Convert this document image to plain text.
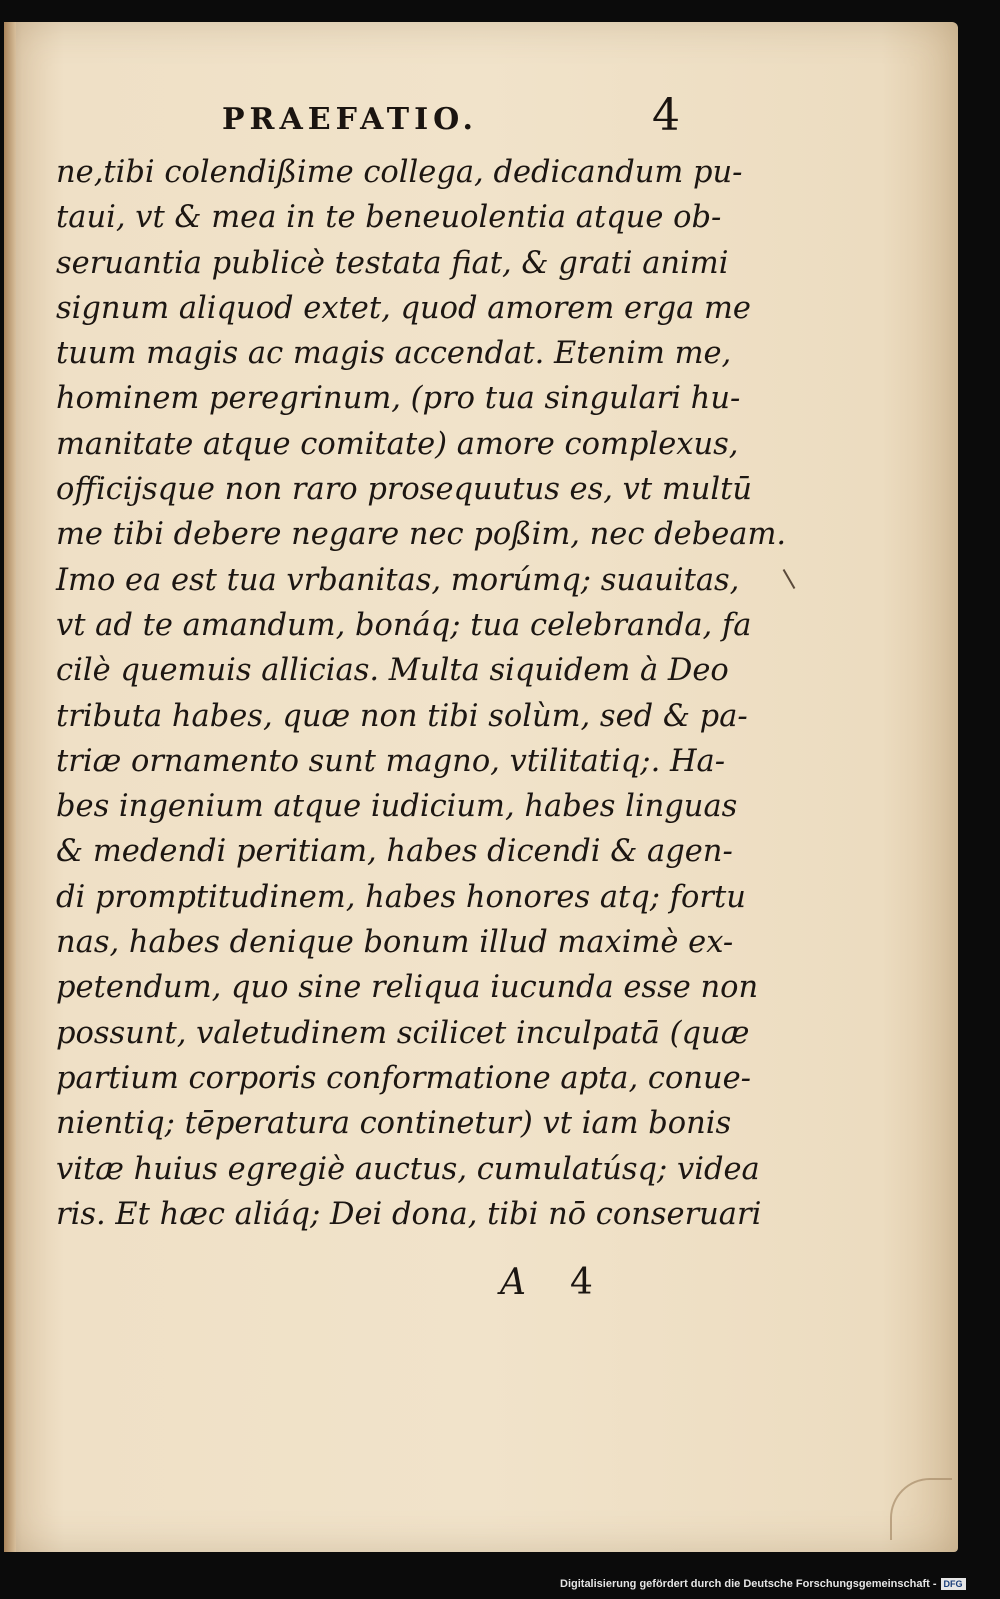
PRAEFATIO.	4
ne,tibi colendißime collega, dedicandum pu-
taui, vt & mea in te beneuolentia atque ob-
seruantia publicè testata fiat, & grati animi
signum aliquod extet, quod amorem erga me
tuum magis ac magis accendat. Etenim me,
hominem peregrinum, (pro tua singulari hu-
manitate atque comitate) amore complexus,
officijsque non raro prosequutus es, vt multū
me tibi debere negare nec poßim, nec debeam.
Imo ea est tua vrbanitas, morúmq; suauitas,
vt ad te amandum, bonáq; tua celebranda, fa
cilè quemuis allicias. Multa siquidem à Deo
tributa habes, quæ non tibi solùm, sed & pa-
triæ ornamento sunt magno, vtilitatiq;. Ha-
bes ingenium atque iudicium, habes linguas
& medendi peritiam, habes dicendi & agen-
di promptitudinem, habes honores atq; fortu
nas, habes denique bonum illud maximè ex-
petendum, quo sine reliqua iucunda esse non
possunt, valetudinem scilicet inculpatā (quæ
partium corporis conformatione apta, conue-
nientiq; tēperatura continetur) vt iam bonis
vitæ huius egregiè auctus, cumulatúsq; videa
ris. Et hæc aliáq; Dei dona, tibi nō conseruari
A 4
Digitalisierung gefördert durch die Deutsche Forschungsgemeinschaft - DFG
